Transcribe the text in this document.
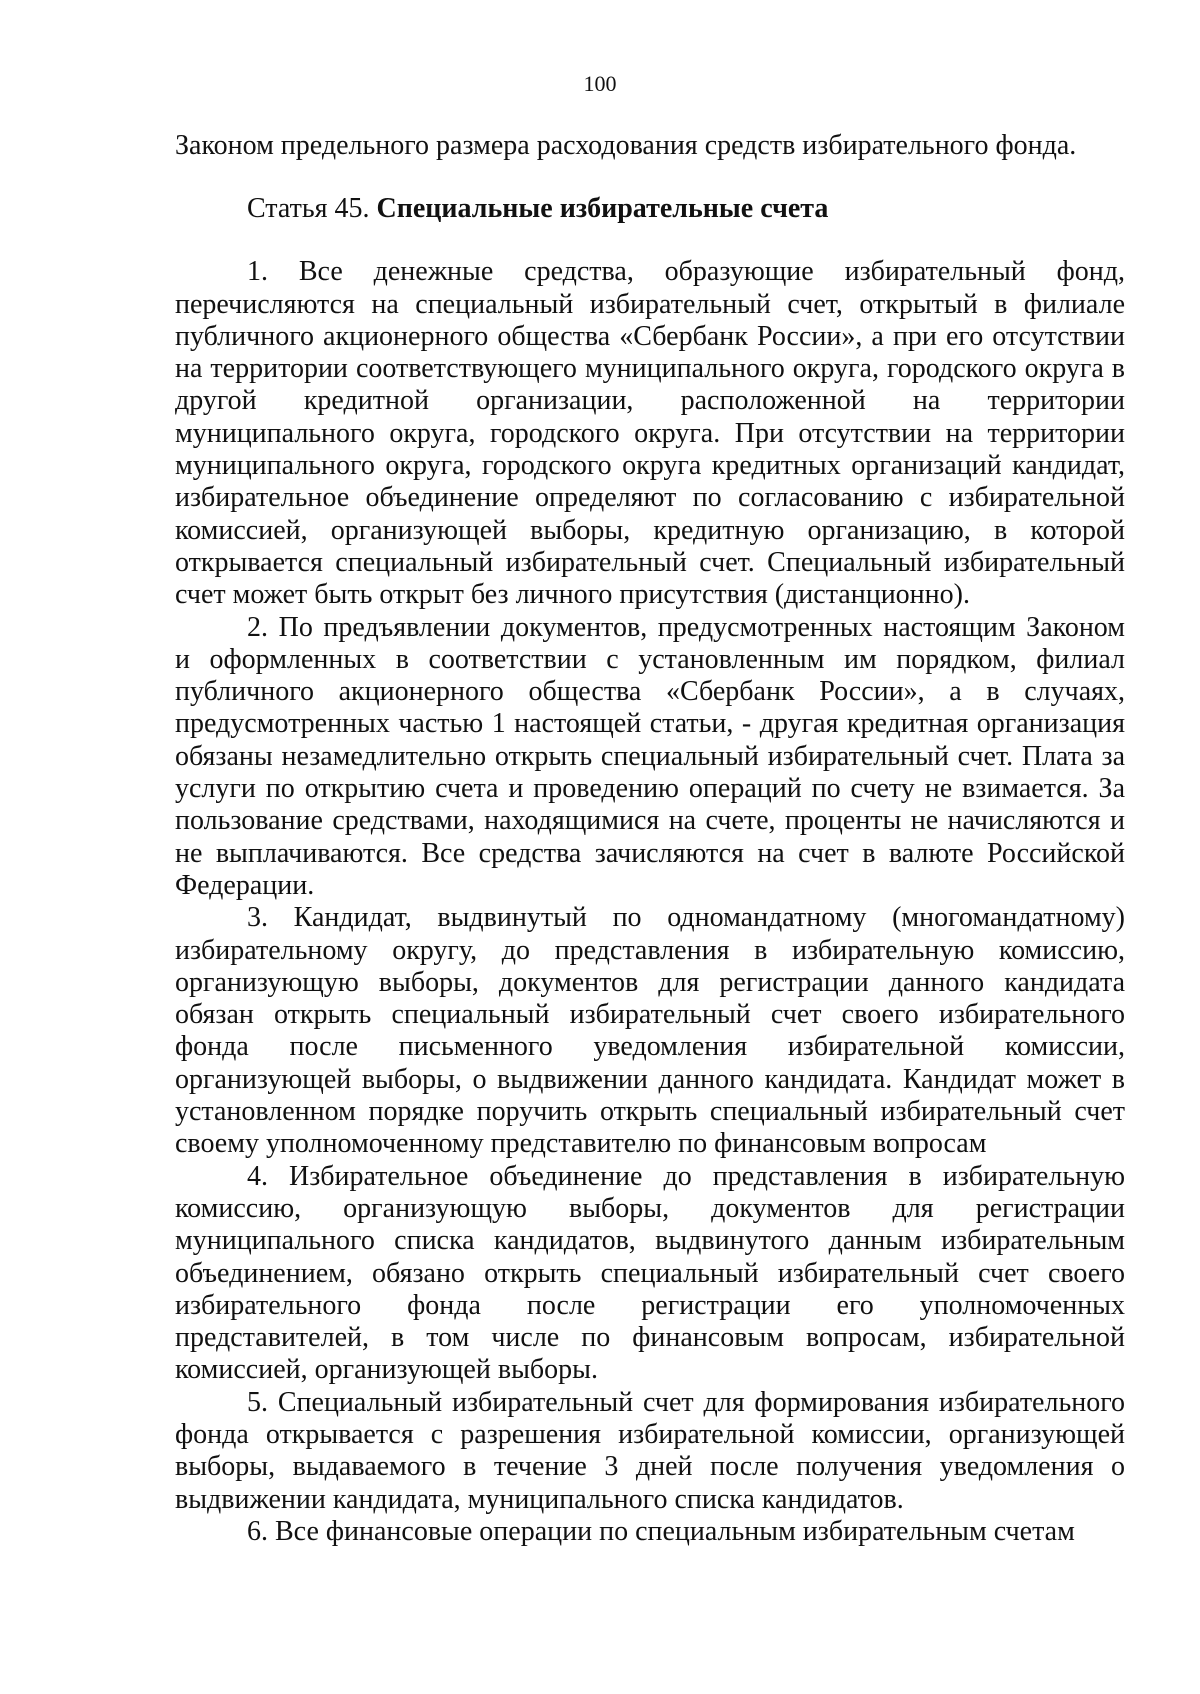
100

Законом предельного размера расходования средств избирательного фонда.

Статья 45. Специальные избирательные счета

1. Все денежные средства, образующие избирательный фонд, перечисляются на специальный избирательный счет, открытый в филиале публичного акционерного общества «Сбербанк России», а при его отсутствии на территории соответствующего муниципального округа, городского округа в другой кредитной организации, расположенной на территории муниципального округа, городского округа. При отсутствии на территории муниципального округа, городского округа кредитных организаций кандидат, избирательное объединение определяют по согласованию с избирательной комиссией, организующей выборы, кредитную организацию, в которой открывается специальный избирательный счет. Специальный избирательный счет может быть открыт без личного присутствия (дистанционно).

2. По предъявлении документов, предусмотренных настоящим Законом и оформленных в соответствии с установленным им порядком, филиал публичного акционерного общества «Сбербанк России», а в случаях, предусмотренных частью 1 настоящей статьи, - другая кредитная организация обязаны незамедлительно открыть специальный избирательный счет. Плата за услуги по открытию счета и проведению операций по счету не взимается. За пользование средствами, находящимися на счете, проценты не начисляются и не выплачиваются. Все средства зачисляются на счет в валюте Российской Федерации.

3. Кандидат, выдвинутый по одномандатному (многомандатному) избирательному округу, до представления в избирательную комиссию, организующую выборы, документов для регистрации данного кандидата обязан открыть специальный избирательный счет своего избирательного фонда после письменного уведомления избирательной комиссии, организующей выборы, о выдвижении данного кандидата. Кандидат может в установленном порядке поручить открыть специальный избирательный счет своему уполномоченному представителю по финансовым вопросам

4. Избирательное объединение до представления в избирательную комиссию, организующую выборы, документов для регистрации муниципального списка кандидатов, выдвинутого данным избирательным объединением, обязано открыть специальный избирательный счет своего избирательного фонда после регистрации его уполномоченных представителей, в том числе по финансовым вопросам, избирательной комиссией, организующей выборы.

5. Специальный избирательный счет для формирования избирательного фонда открывается с разрешения избирательной комиссии, организующей выборы, выдаваемого в течение 3 дней после получения уведомления о выдвижении кандидата, муниципального списка кандидатов.

6. Все финансовые операции по специальным избирательным счетам
